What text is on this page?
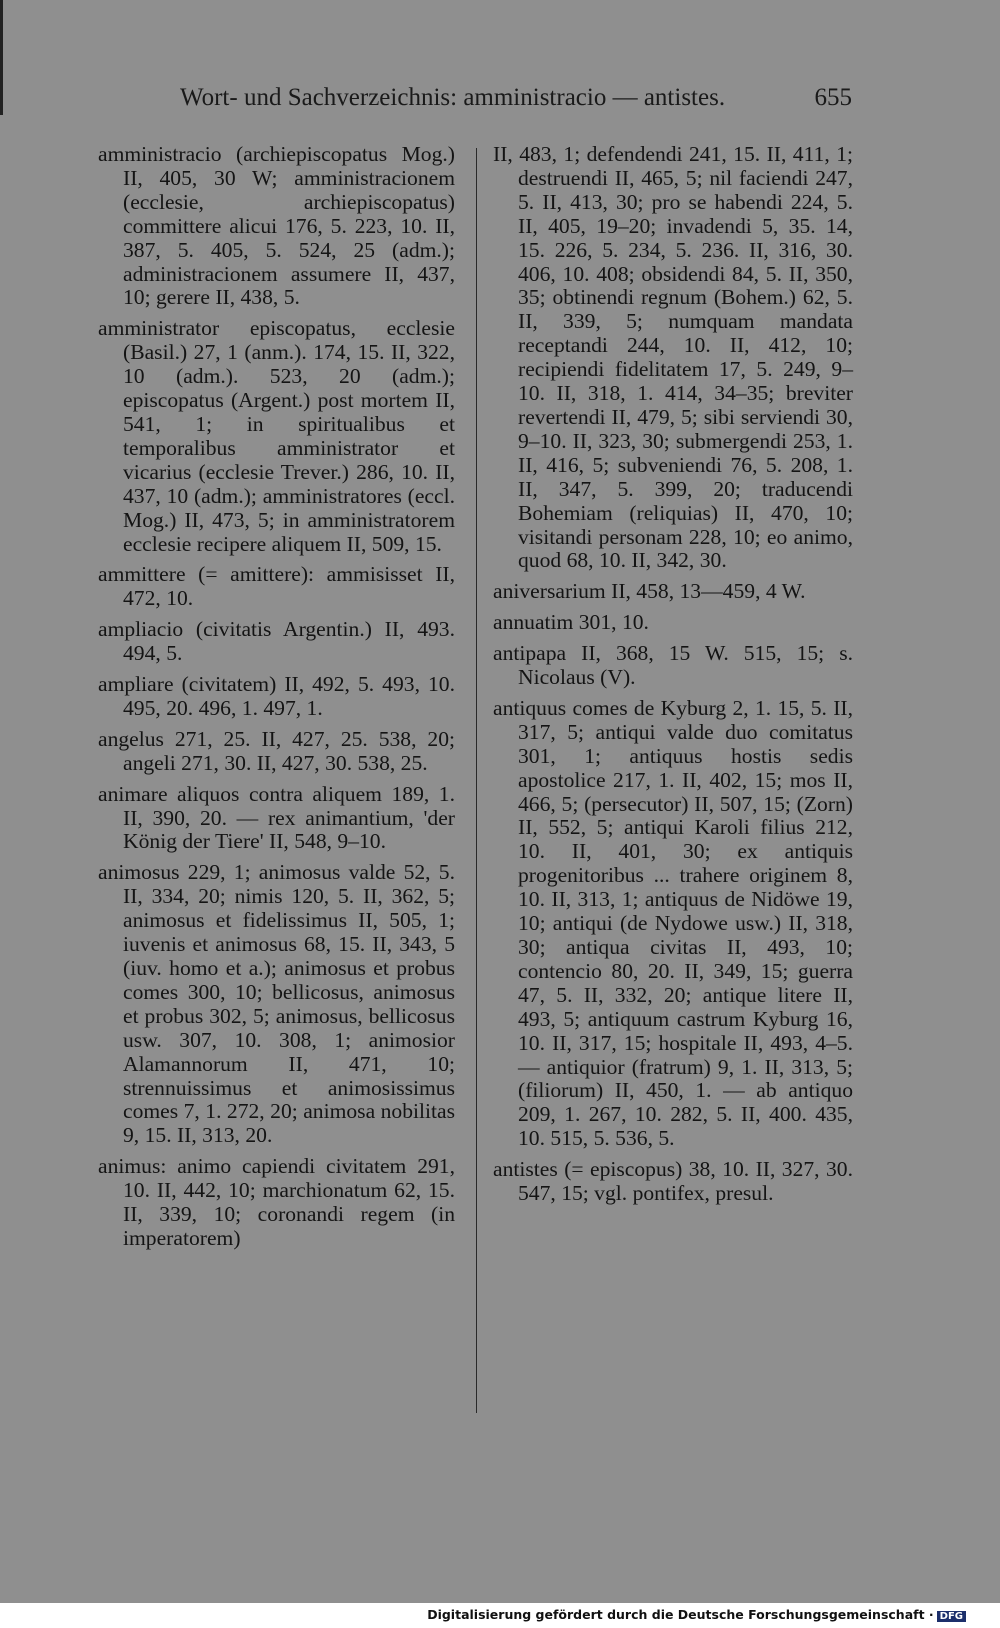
Wort- und Sachverzeichnis: amministracio — antistes.	655

amministracio (archiepiscopatus Mog.) II, 405, 30 W; amministracionem (ecclesie, archiepiscopatus) committere alicui 176, 5. 223, 10. II, 387, 5. 405, 5. 524, 25 (adm.); administracionem assumere II, 437, 10; gerere II, 438, 5.

amministrator episcopatus, ecclesie (Basil.) 27, 1 (anm.). 174, 15. II, 322, 10 (adm.). 523, 20 (adm.); episcopatus (Argent.) post mortem II, 541, 1; in spiritualibus et temporalibus amministrator et vicarius (ecclesie Trever.) 286, 10. II, 437, 10 (adm.); amministratores (eccl. Mog.) II, 473, 5; in amministratorem ecclesie recipere aliquem II, 509, 15.

ammittere (= amittere): ammisisset II, 472, 10.

ampliacio (civitatis Argentin.) II, 493. 494, 5.

ampliare (civitatem) II, 492, 5. 493, 10. 495, 20. 496, 1. 497, 1.

angelus 271, 25. II, 427, 25. 538, 20; angeli 271, 30. II, 427, 30. 538, 25.

animare aliquos contra aliquem 189, 1. II, 390, 20. — rex animantium, 'der König der Tiere' II, 548, 9–10.

animosus 229, 1; animosus valde 52, 5. II, 334, 20; nimis 120, 5. II, 362, 5; animosus et fidelissimus II, 505, 1; iuvenis et animosus 68, 15. II, 343, 5 (iuv. homo et a.); animosus et probus comes 300, 10; bellicosus, animosus et probus 302, 5; animosus, bellicosus usw. 307, 10. 308, 1; animosior Alamannorum II, 471, 10; strennuissimus et animosissimus comes 7, 1. 272, 20; animosa nobilitas 9, 15. II, 313, 20.

animus: animo capiendi civitatem 291, 10. II, 442, 10; marchionatum 62, 15. II, 339, 10; coronandi regem (in imperatorem)

II, 483, 1; defendendi 241, 15. II, 411, 1; destruendi II, 465, 5; nil faciendi 247, 5. II, 413, 30; pro se habendi 224, 5. II, 405, 19–20; invadendi 5, 35. 14, 15. 226, 5. 234, 5. 236. II, 316, 30. 406, 10. 408; obsidendi 84, 5. II, 350, 35; obtinendi regnum (Bohem.) 62, 5. II, 339, 5; numquam mandata receptandi 244, 10. II, 412, 10; recipiendi fidelitatem 17, 5. 249, 9–10. II, 318, 1. 414, 34–35; breviter revertendi II, 479, 5; sibi serviendi 30, 9–10. II, 323, 30; submergendi 253, 1. II, 416, 5; subveniendi 76, 5. 208, 1. II, 347, 5. 399, 20; traducendi Bohemiam (reliquias) II, 470, 10; visitandi personam 228, 10; eo animo, quod 68, 10. II, 342, 30.

aniversarium II, 458, 13—459, 4 W.

annuatim 301, 10.

antipapa II, 368, 15 W. 515, 15; s. Nicolaus (V).

antiquus comes de Kyburg 2, 1. 15, 5. II, 317, 5; antiqui valde duo comitatus 301, 1; antiquus hostis sedis apostolice 217, 1. II, 402, 15; mos II, 466, 5; (persecutor) II, 507, 15; (Zorn) II, 552, 5; antiqui Karoli filius 212, 10. II, 401, 30; ex antiquis progenitoribus ... trahere originem 8, 10. II, 313, 1; antiquus de Nidöwe 19, 10; antiqui (de Nydowe usw.) II, 318, 30; antiqua civitas II, 493, 10; contencio 80, 20. II, 349, 15; guerra 47, 5. II, 332, 20; antique litere II, 493, 5; antiquum castrum Kyburg 16, 10. II, 317, 15; hospitale II, 493, 4–5. — antiquior (fratrum) 9, 1. II, 313, 5; (filiorum) II, 450, 1. — ab antiquo 209, 1. 267, 10. 282, 5. II, 400. 435, 10. 515, 5. 536, 5.

antistes (= episcopus) 38, 10. II, 327, 30. 547, 15; vgl. pontifex, presul.

Digitalisierung gefördert durch die Deutsche Forschungsgemeinschaft · DFG
